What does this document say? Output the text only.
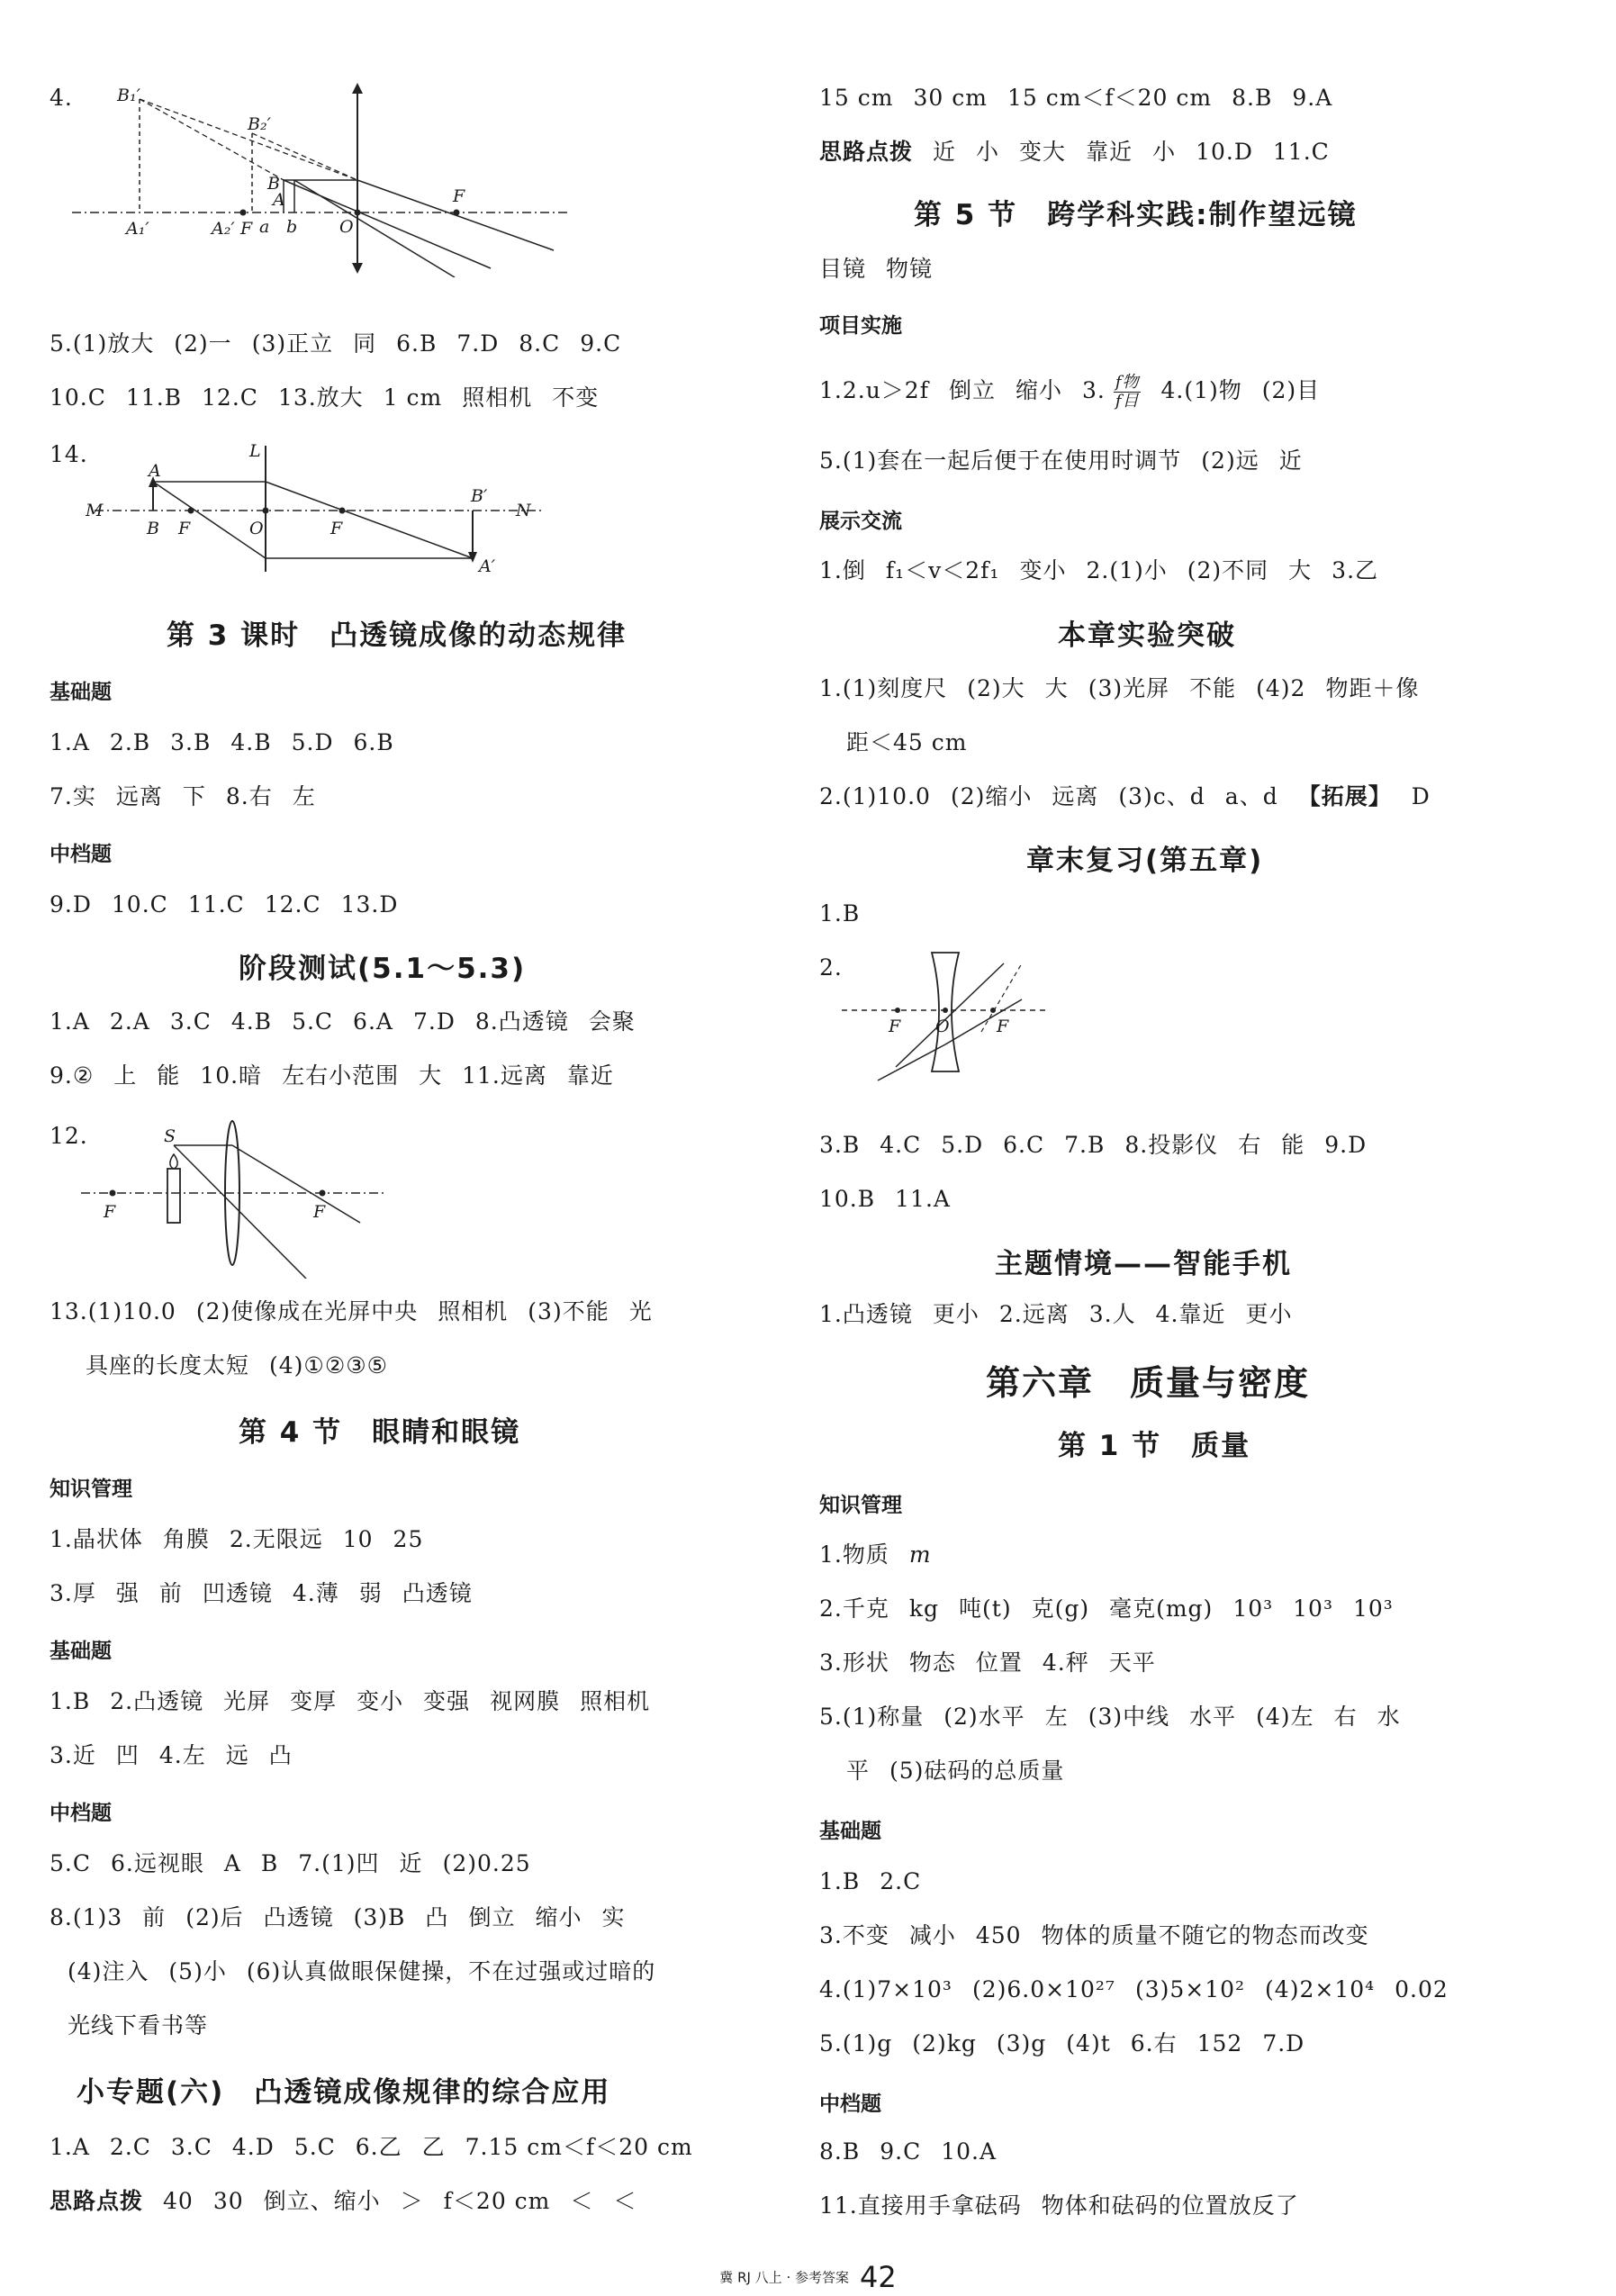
4.	B₁′
B₂′
B
A	F
O
F
A₁′	A₂′ a b
5.(1)放大 (2)一 (3)正立 同 6.B 7.D 8.C 9.C
10.C 11.B 12.C 13.放大 1 cm 照相机 不变
14.	L
A
M
B F	O	F
B′
N
A′
第 3 课时　凸透镜成像的动态规律
基础题
1.A 2.B 3.B 4.B 5.D 6.B
7.实 远离 下 8.右 左
中档题
9.D 10.C 11.C 12.C 13.D
阶段测试(5.1～5.3)
1.A 2.A 3.C 4.B 5.C 6.A 7.D 8.凸透镜 会聚
9.② 上 能 10.暗 左右小范围 大 11.远离 靠近
12.	S
F	F
13.(1)10.0 (2)使像成在光屏中央 照相机 (3)不能 光
具座的长度太短 (4)①②③⑤
第 4 节　眼睛和眼镜
知识管理
1.晶状体 角膜 2.无限远 10 25
3.厚 强 前 凹透镜 4.薄 弱 凸透镜
基础题
1.B 2.凸透镜 光屏 变厚 变小 变强 视网膜 照相机
3.近 凹 4.左 远 凸
中档题
5.C 6.远视眼 A B 7.(1)凹 近 (2)0.25
8.(1)3 前 (2)后 凸透镜 (3)B 凸 倒立 缩小 实
(4)注入 (5)小 (6)认真做眼保健操，不在过强或过暗的
光线下看书等
小专题(六)　凸透镜成像规律的综合应用
1.A 2.C 3.C 4.D 5.C 6.乙 乙 7.15 cm＜f＜20 cm
思路点拨 40 30 倒立、缩小 ＞ f＜20 cm ＜ ＜
15 cm 30 cm 15 cm＜f＜20 cm 8.B 9.A
思路点拨 近 小 变大 靠近 小 10.D 11.C
第 5 节　跨学科实践:制作望远镜
目镜 物镜
项目实施
1.2.u＞2f 倒立 缩小 3. $\frac{\text{f物}}{\text{f目}} 4.(1)$物 (2)目
5.(1)套在一起后便于在使用时调节 (2)远 近
展示交流
1.倒 f₁＜v＜2f₁ 变小 2.(1)小 (2)不同 大 3.乙
本章实验突破
1.(1)刻度尺 (2)大 大 (3)光屏 不能 (4)2 物距＋像
距＜45 cm
2.(1)10.0 (2)缩小 远离 (3)c、d a、d 【拓展】 D
章末复习(第五章)
1.B
2.
F O	F
3.B 4.C 5.D 6.C 7.B 8.投影仪 右 能 9.D
10.B 11.A
主题情境——智能手机
1.凸透镜 更小 2.远离 3.人 4.靠近 更小
第六章　质量与密度
第 1 节　质量
知识管理
1.物质 m
2.千克 kg 吨(t) 克(g) 毫克(mg) 10³ 10³ 10³
3.形状 物态 位置 4.秤 天平
5.(1)称量 (2)水平 左 (3)中线 水平 (4)左 右 水
平 (5)砝码的总质量
基础题
1.B 2.C
3.不变 减小 450 物体的质量不随它的物态而改变
4.(1)7×10³ (2)6.0×10²⁷ (3)5×10² (4)2×10⁴ 0.02
5.(1)g (2)kg (3)g (4)t 6.右 152 7.D
中档题
8.B 9.C 10.A
11.直接用手拿砝码 物体和砝码的位置放反了
冀 RJ 八上 · 参考答案 42
